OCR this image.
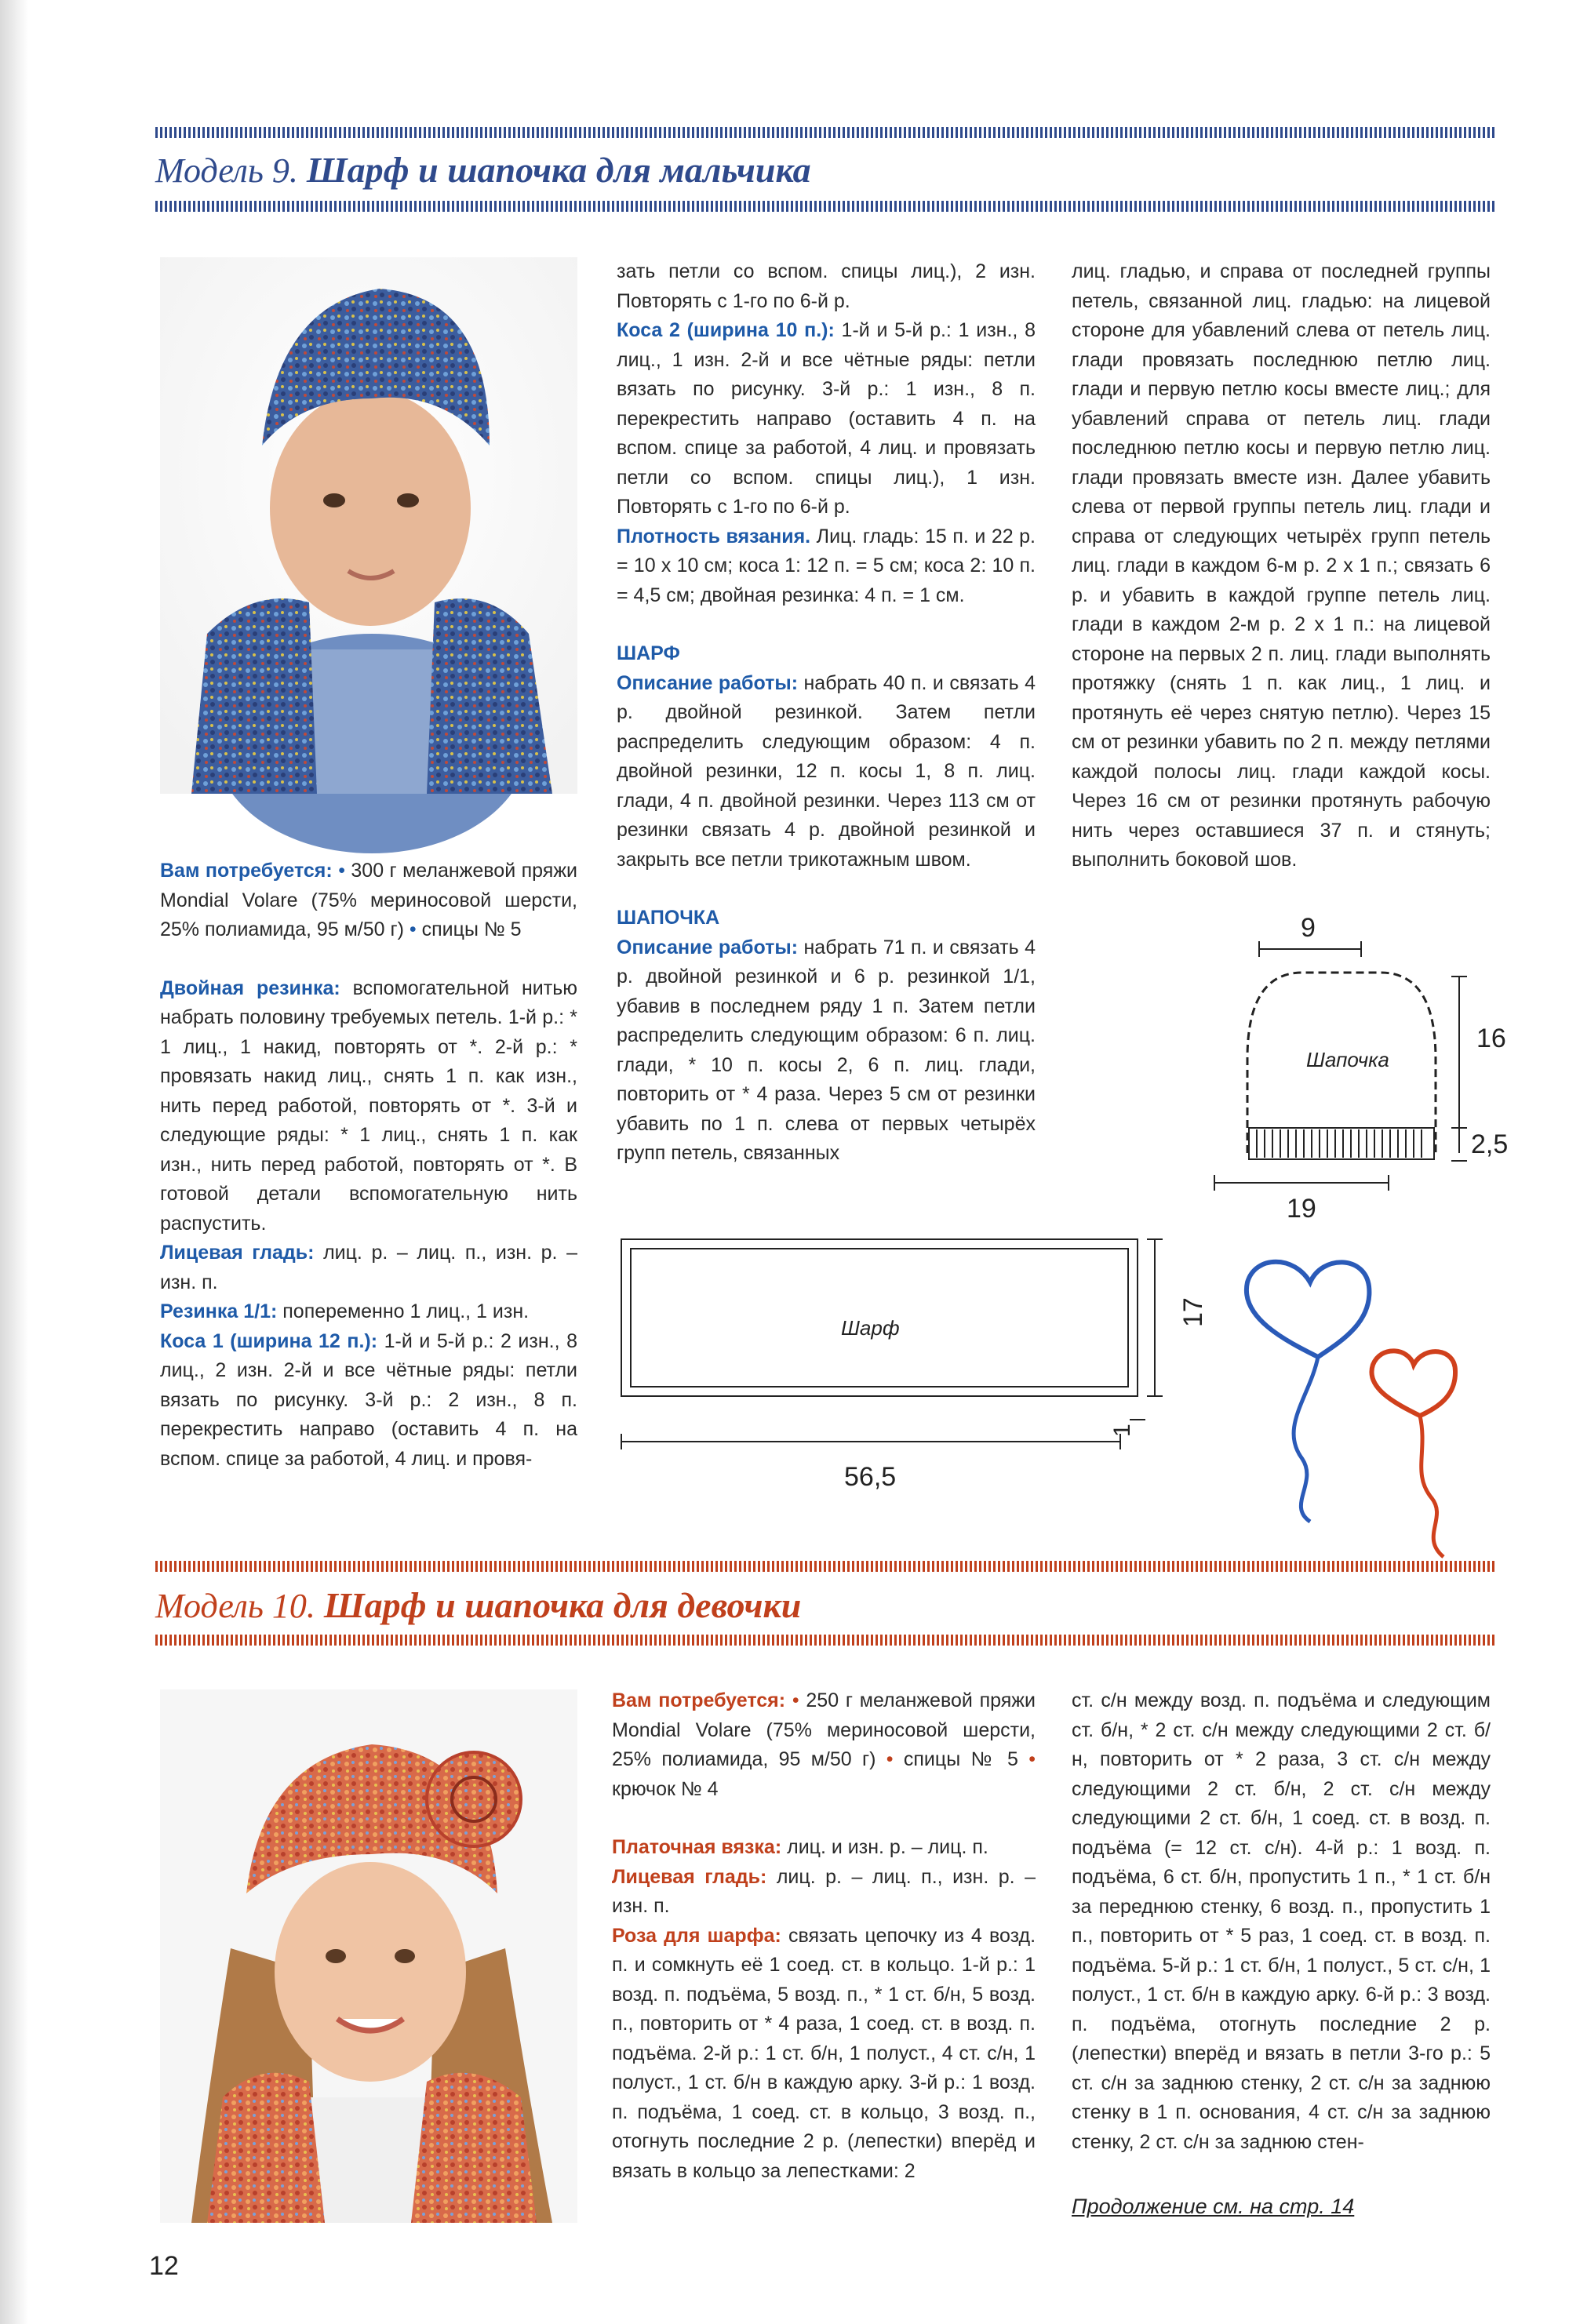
Модель 9. Шарф и шапочка для мальчика

Вам потребуется: • 300 г меланжевой пряжи Mondial Volare (75% мериносовой шерсти, 25% полиамида, 95 м/50 г) • спицы № 5

Двойная резинка: вспомогательной нитью набрать половину требуемых петель. 1-й р.: * 1 лиц., 1 накид, повторять от *. 2-й р.: * провязать накид лиц., снять 1 п. как изн., нить перед работой, повторять от *. 3-й и следующие ряды: * 1 лиц., снять 1 п. как изн., нить перед работой, повторять от *. В готовой детали вспомогательную нить распустить.

Лицевая гладь: лиц. р. – лиц. п., изн. р. – изн. п.

Резинка 1/1: попеременно 1 лиц., 1 изн.

Коса 1 (ширина 12 п.): 1-й и 5-й р.: 2 изн., 8 лиц., 2 изн. 2-й и все чётные ряды: петли вязать по рисунку. 3-й р.: 2 изн., 8 п. перекрестить направо (оставить 4 п. на вспом. спице за работой, 4 лиц. и провя-

зать петли со вспом. спицы лиц.), 2 изн. Повторять с 1-го по 6-й р.

Коса 2 (ширина 10 п.): 1-й и 5-й р.: 1 изн., 8 лиц., 1 изн. 2-й и все чётные ряды: петли вязать по рисунку. 3-й р.: 1 изн., 8 п. перекрестить направо (оставить 4 п. на вспом. спице за работой, 4 лиц. и провязать петли со вспом. спицы лиц.), 1 изн. Повторять с 1-го по 6-й р.

Плотность вязания. Лиц. гладь: 15 п. и 22 р. = 10 х 10 см; коса 1: 12 п. = 5 см; коса 2: 10 п. = 4,5 см; двойная резинка: 4 п. = 1 см.

ШАРФ

Описание работы: набрать 40 п. и связать 4 р. двойной резинкой. Затем петли распределить следующим образом: 4 п. двойной резинки, 12 п. косы 1, 8 п. лиц. глади, 4 п. двойной резинки. Через 113 см от резинки связать 4 р. двойной резинкой и закрыть все петли трикотажным швом.

ШАПОЧКА

Описание работы: набрать 71 п. и связать 4 р. двойной резинкой и 6 р. резинкой 1/1, убавив в последнем ряду 1 п. Затем петли распределить следующим образом: 6 п. лиц. глади, * 10 п. косы 2, 6 п. лиц. глади, повторить от * 4 раза. Через 5 см от резинки убавить по 1 п. слева от первых четырёх групп петель, связанных

лиц. гладью, и справа от последней группы петель, связанной лиц. гладью: на лицевой стороне для убавлений слева от петель лиц. глади провязать последнюю петлю лиц. глади и первую петлю косы вместе лиц.; для убавлений справа от петель лиц. глади последнюю петлю косы и первую петлю лиц. глади провязать вместе изн. Далее убавить слева от первой группы петель лиц. глади и справа от следующих четырёх групп петель лиц. глади в каждом 6-м р. 2 х 1 п.; связать 6 р. и убавить в каждой группе петель лиц. глади в каждом 2-м р. 2 х 1 п.: на лицевой стороне на первых 2 п. лиц. глади выполнять протяжку (снять 1 п. как лиц., 1 лиц. и протянуть её через снятую петлю). Через 15 см от резинки убавить по 2 п. между петлями каждой полосы лиц. глади каждой косы. Через 16 см от резинки протянуть рабочую нить через оставшиеся 37 п. и стянуть; выполнить боковой шов.

9
16
2,5
19
Шапочка
17
1
56,5
Шарф
Модель 10. Шарф и шапочка для девочки

Вам потребуется: • 250 г меланжевой пряжи Mondial Volare (75% мериносовой шерсти, 25% полиамида, 95 м/50 г) • спицы № 5 • крючок № 4

Платочная вязка: лиц. и изн. р. – лиц. п.

Лицевая гладь: лиц. р. – лиц. п., изн. р. – изн. п.

Роза для шарфа: связать цепочку из 4 возд. п. и сомкнуть её 1 соед. ст. в кольцо. 1-й р.: 1 возд. п. подъёма, 5 возд. п., * 1 ст. б/н, 5 возд. п., повторить от * 4 раза, 1 соед. ст. в возд. п. подъёма. 2-й р.: 1 ст. б/н, 1 полуст., 4 ст. с/н, 1 полуст., 1 ст. б/н в каждую арку. 3-й р.: 1 возд. п. подъёма, 1 соед. ст. в кольцо, 3 возд. п., отогнуть последние 2 р. (лепестки) вперёд и вязать в кольцо за лепестками: 2

ст. с/н между возд. п. подъёма и следующим ст. б/н, * 2 ст. с/н между следующими 2 ст. б/н, повторить от * 2 раза, 3 ст. с/н между следующими 2 ст. б/н, 2 ст. с/н между следующими 2 ст. б/н, 1 соед. ст. в возд. п. подъёма (= 12 ст. с/н). 4-й р.: 1 возд. п. подъёма, 6 ст. б/н, пропустить 1 п., * 1 ст. б/н за переднюю стенку, 6 возд. п., пропустить 1 п., повторить от * 5 раз, 1 соед. ст. в возд. п. подъёма. 5-й р.: 1 ст. б/н, 1 полуст., 5 ст. с/н, 1 полуст., 1 ст. б/н в каждую арку. 6-й р.: 3 возд. п. подъёма, отогнуть последние 2 р. (лепестки) вперёд и вязать в петли 3-го р.: 5 ст. с/н за заднюю стенку, 2 ст. с/н за заднюю стенку в 1 п. основания, 4 ст. с/н за заднюю стенку, 2 ст. с/н за заднюю стен-

Продолжение см. на стр. 14
12
